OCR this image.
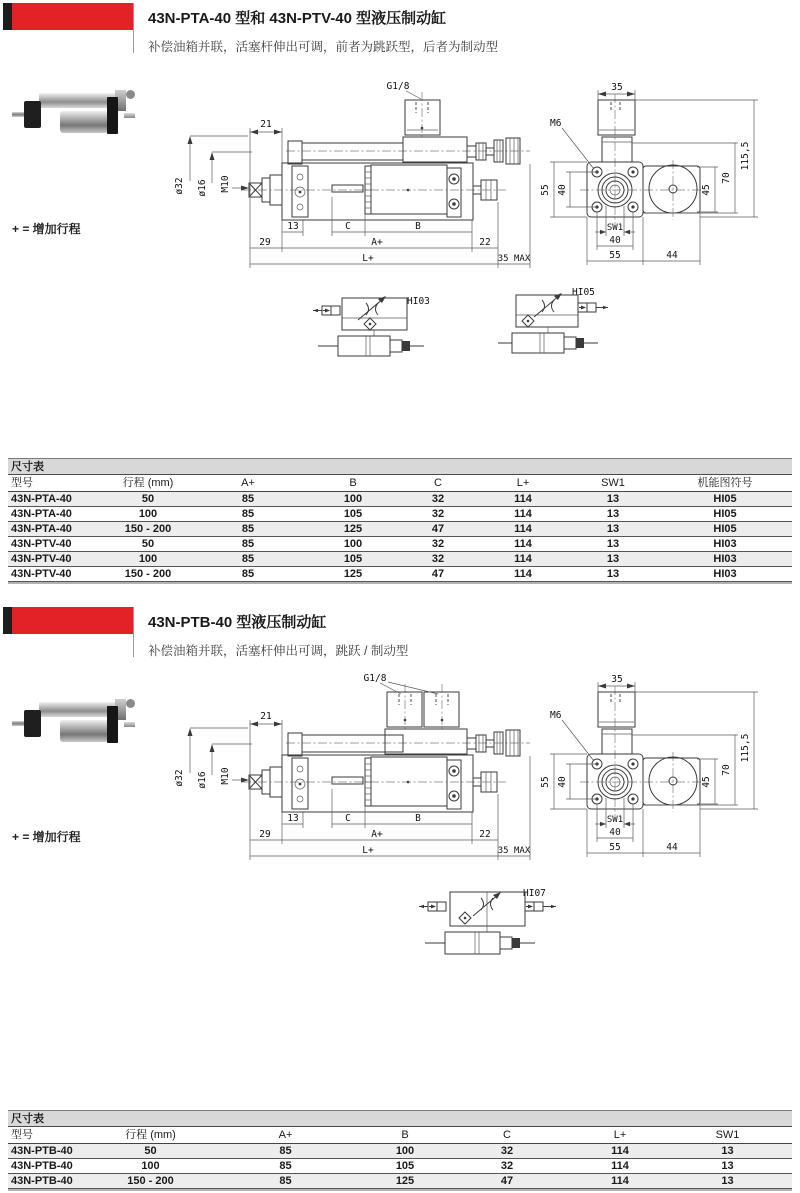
43N-PTA-40 型和 43N-PTV-40 型液压制动缸
补偿油箱并联，活塞杆伸出可调，前者为跳跃型，后者为制动型
+ = 增加行程
ø32 ø16 M10
G1/8
21
13	C	B
29	A+	22
L+	35 MAX
M6
35
55 40
SW1
40
55	44
45
70
115,5
HI03
HI05
尺寸表
型号	行程 (mm)	A+	B	C	L+	SW1	机能图符号
43N-PTA-40	50	85	100	32	114	13	HI05
43N-PTA-40	100	85	105	32	114	13	HI05
43N-PTA-40	150 - 200	85	125	47	114	13	HI05
43N-PTV-40	50	85	100	32	114	13	HI03
43N-PTV-40	100	85	105	32	114	13	HI03
43N-PTV-40	150 - 200	85	125	47	114	13	HI03
43N-PTB-40 型液压制动缸
补偿油箱并联，活塞杆伸出可调，跳跃 / 制动型
+ = 增加行程
ø32 ø16 M10
G1/8
21
13	C	B
29	A+	22
L+	35 MAX
M6
35
55 40
SW1
40
55	44
45
70
115,5
HI07
尺寸表
型号	行程 (mm)	A+	B	C	L+	SW1
43N-PTB-40	50	85	100	32	114	13
43N-PTB-40	100	85	105	32	114	13
43N-PTB-40	150 - 200	85	125	47	114	13
